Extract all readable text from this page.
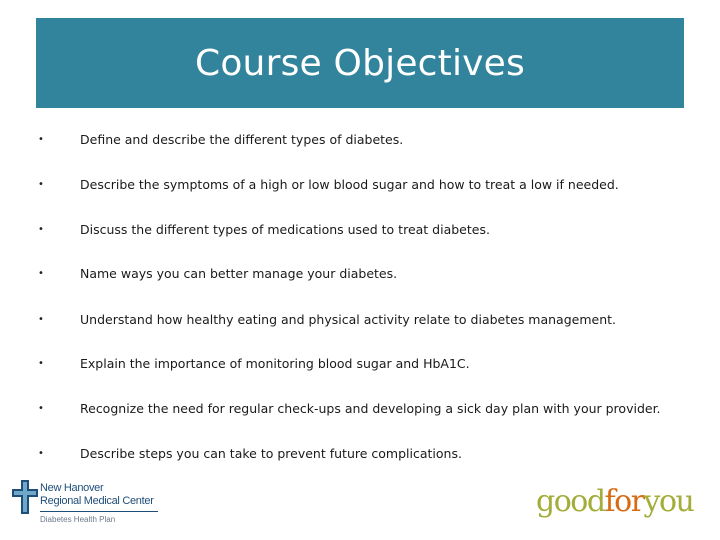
Course Objectives
•	Define and describe the different types of diabetes.
•	Describe the symptoms of a high or low blood sugar and how to treat a low if needed.
•	Discuss the different types of medications used to treat diabetes.
•	Name ways you can better manage your diabetes.
•	Understand how healthy eating and physical activity relate to diabetes management.
•	Explain the importance of monitoring blood sugar and HbA1C.
•	Recognize the need for regular check-ups and developing a sick day plan with your provider.
•	Describe steps you can take to prevent future complications.
New Hanover
Regional Medical Center
Diabetes Health Plan
goodforyou
